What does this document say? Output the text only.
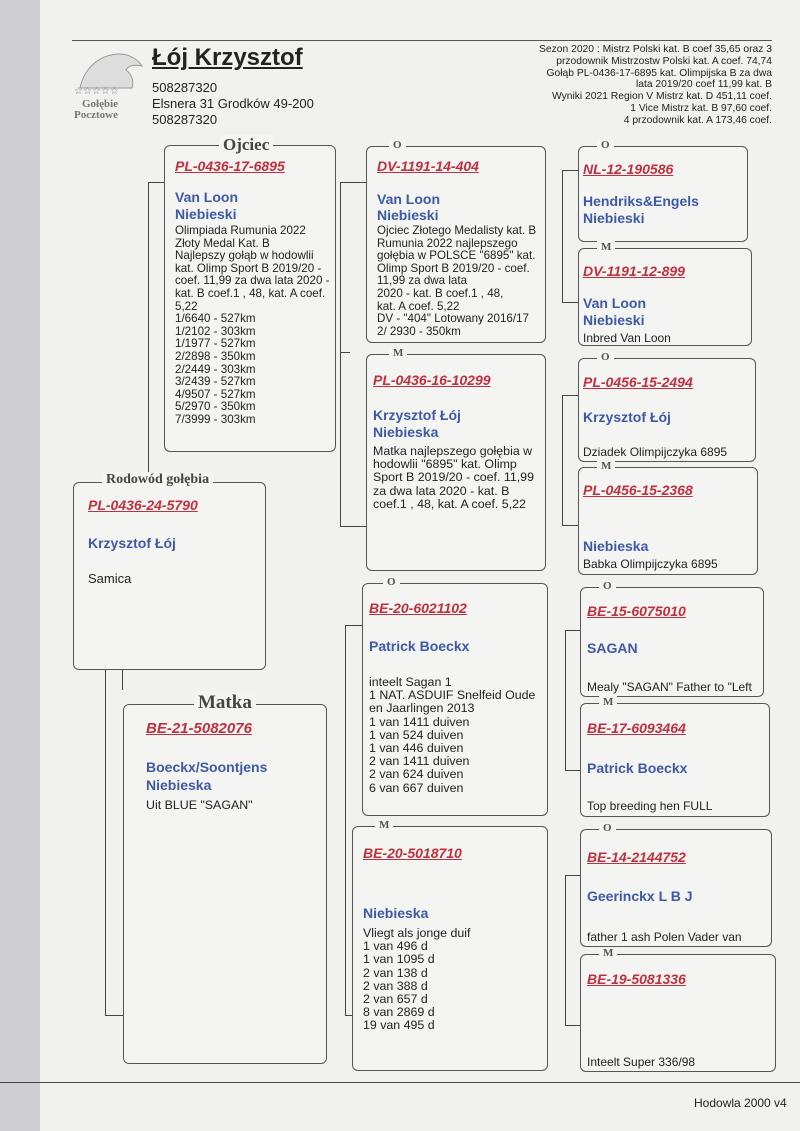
☆☆☆☆☆
Gołębie
Pocztowe
Łój Krzysztof
508287320
Elsnera 31 Grodków 49-200
508287320
Sezon 2020 : Mistrz Polski kat. B coef 35,65 oraz 3
przodownik Mistrzostw Polski kat. A coef. 74,74
Gołąb PL-0436-17-6895 kat. Olimpijska B za dwa
lata 2019/20 coef 11,99 kat. B
Wyniki 2021 Region V Mistrz kat. D 451,11 coef.
1 Vice Mistrz kat. B 97,60 coef.
4 przodownik kat. A 173,46 coef.
Rodowód gołębia
PL-0436-24-5790
Krzysztof Łój
Samica
Ojciec
PL-0436-17-6895
Van Loon
Niebieski
Olimpiada Rumunia 2022
Złoty Medal Kat. B
Najlepszy gołąb w hodowlii
kat. Olimp Sport B 2019/20 -
coef. 11,99 za dwa lata 2020 -
kat. B coef.1 , 48, kat. A coef.
5,22
1/6640 - 527km
1/2102 - 303km
1/1977 - 527km
2/2898 - 350km
2/2449 - 303km
3/2439 - 527km
4/9507 - 527km
5/2970 - 350km
7/3999 - 303km
Matka
BE-21-5082076
Boeckx/Soontjens
Niebieska
Uit BLUE "SAGAN"
O
DV-1191-14-404
Van Loon
Niebieski
Ojciec Złotego Medalisty kat. B
Rumunia 2022 najlepszego
gołębia w POLSCE "6895" kat.
Olimp Sport B 2019/20 - coef.
11,99 za dwa lata
2020 - kat. B coef.1 , 48,
kat. A coef. 5,22
DV - "404" Lotowany 2016/17
2/ 2930 - 350km
M
PL-0436-16-10299
Krzysztof Łój
Niebieska
Matka najlepszego gołębia w
hodowlii "6895" kat. Olimp
Sport B 2019/20 - coef. 11,99
za dwa lata 2020 - kat. B
coef.1 , 48, kat. A coef. 5,22
O
BE-20-6021102
Patrick Boeckx
inteelt Sagan 1
1 NAT. ASDUIF Snelfeid Oude
en Jaarlingen 2013
1 van 1411 duiven
1 van 524 duiven
1 van 446 duiven
2 van 1411 duiven
2 van 624 duiven
6 van 667 duiven
M
BE-20-5018710
Niebieska
Vliegt als jonge duif
1 van 496 d
1 van 1095 d
2 van 138 d
2 van 388 d
2 van 657 d
8 van 2869 d
19 van 495 d
O
NL-12-190586
Hendriks&Engels
Niebieski
M
DV-1191-12-899
Van Loon
Niebieski
Inbred Van Loon
O
PL-0456-15-2494
Krzysztof Łój
Dziadek Olimpijczyka 6895
M
PL-0456-15-2368
Niebieska
Babka Olimpijczyka 6895
O
BE-15-6075010
SAGAN
Mealy "SAGAN" Father to "Left
M
BE-17-6093464
Patrick Boeckx
Top breeding hen FULL
O
BE-14-2144752
Geerinckx L B J
father 1 ash Polen Vader van
M
BE-19-5081336
Inteelt Super 336/98
Hodowla 2000 v4
